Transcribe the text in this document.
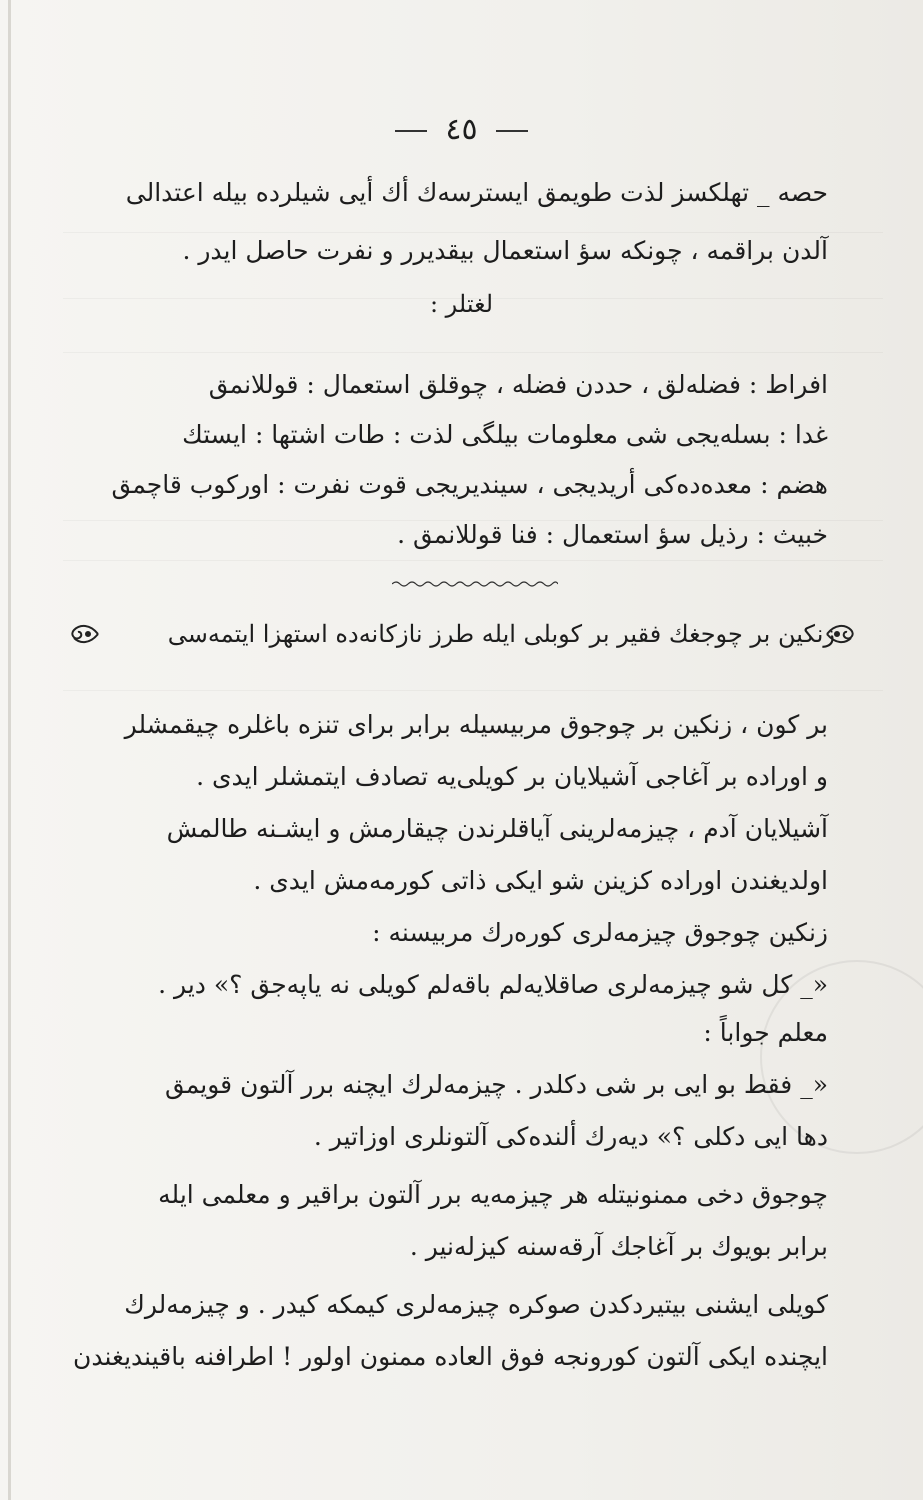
٤٥
حصه _ تهلکسز لذت طویمق ایسترسه‌ك أك أیی شیلرده بیله اعتدالی
آلدن براقمه ، چونکه سؤ استعمال بیقدیرر و نفرت حاصل ایدر .
لغتلر :
افراط : فضله‌لق ، حددن فضله ، چوقلق استعمال : قوللانمق
غدا : بسله‌یجی شی معلومات بیلگی لذت : طات اشتها : ایستك
هضم : معده‌ده‌کی أریدیجی ، سینديریجی قوت نفرت : اورکوب قاچمق
خبیث : رذیل سؤ استعمال : فنا قوللانمق .
زنکین بر چوجغك فقیر بر کوبلی ایله طرز نازکانه‌ده استهزا ایتمه‌سی
بر کون ، زنکین بر چوجوق مربیسیله برابر برای تنزه باغلره چیقمشلر
و اوراده بر آغاجی آشیلایان بر کویلی‌یه تصادف ایتمشلر ایدی .
آشیلایان آدم ، چیزمه‌لرینی آیاقلرندن چیقارمش و ایشـنه طالمش
اولدیغندن اوراده کزینن شو ایکی ذاتی کورمه‌مش ایدی .
زنکین چوجوق چیزمه‌لری کوره‌رك مربیسنه :
«_ کل شو چیزمه‌لری صاقلایه‌لم باقه‌لم کویلی نه یاپه‌جق ؟» دیر .
معلم جواباً :
«_ فقط بو ایی بر شی دکلدر . چیزمه‌لرك ایچنه برر آلتون قویمق
دها ایی دکلی ؟» دیه‌رك ألنده‌کی آلتونلری اوزاتیر .
چوجوق دخی ممنونیتله هر چیزمه‌یه برر آلتون براقیر و معلمی ایله
برابر بویوك بر آغاجك آرقه‌سنه کیزله‌نیر .
کویلی ایشنی بیتیردکدن صوکره چیزمه‌لری کیمکه کیدر . و چیزمه‌لرك
ایچنده ایکی آلتون کورونجه فوق العاده ممنون اولور ! اطرافنه باقیندیغندن
